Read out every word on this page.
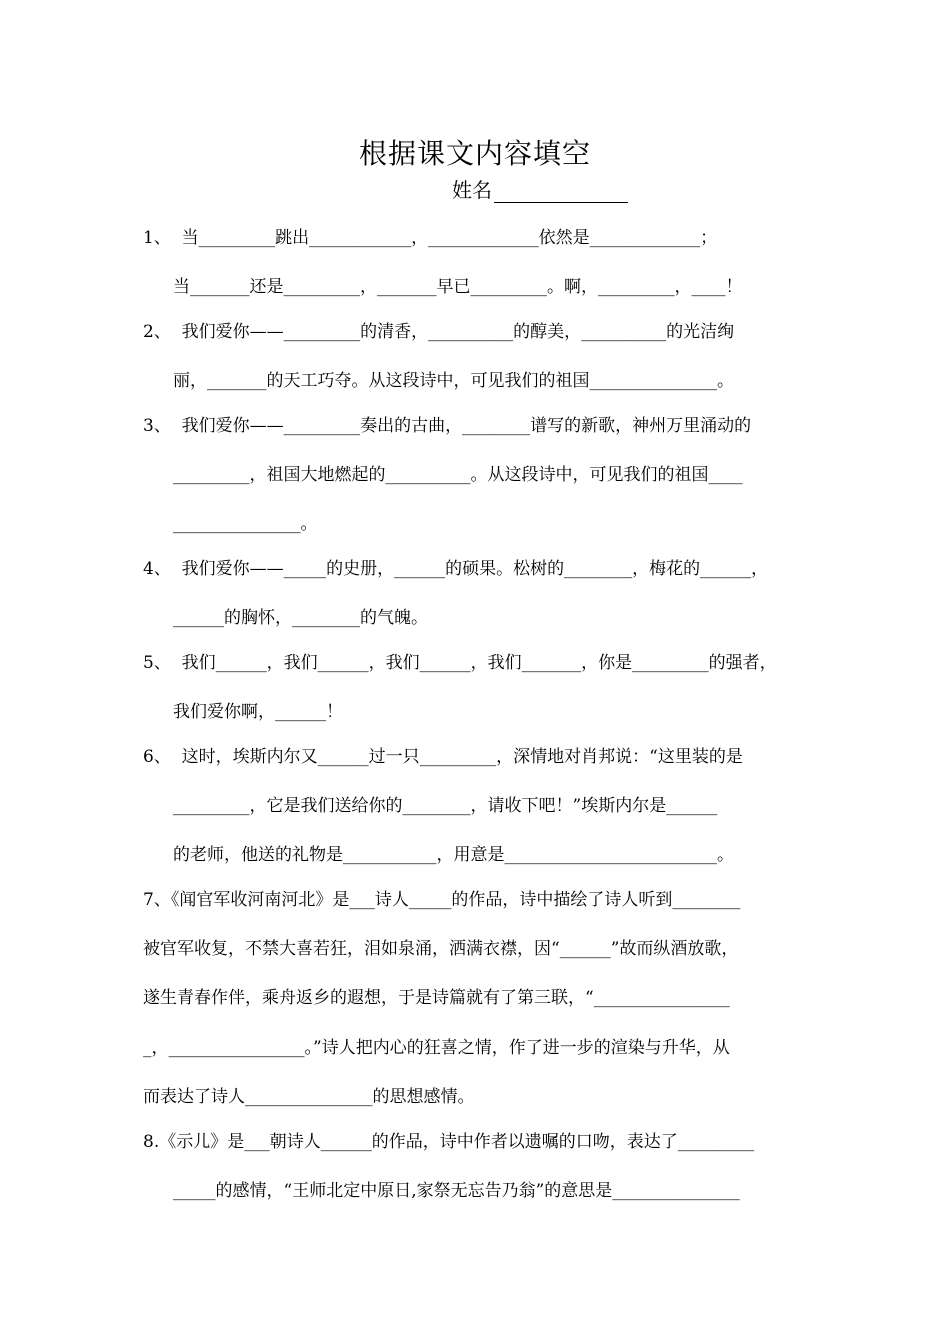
根据课文内容填空
姓名
1、  当_________跳出____________，_____________依然是_____________；
当_______还是_________，_______早已_________。啊，_________，____！
2、  我们爱你——_________的清香，__________的醇美，__________的光洁绚
丽，_______的天工巧夺。从这段诗中，可见我们的祖国_______________。
3、  我们爱你——_________奏出的古曲，________谱写的新歌，神州万里涌动的
_________，祖国大地燃起的__________。从这段诗中，可见我们的祖国____
_______________。
4、  我们爱你——_____的史册，______的硕果。松树的________，梅花的______，
______的胸怀，________的气魄。
5、  我们______，我们______，我们______，我们_______，你是_________的强者，
我们爱你啊，______！
6、  这时，埃斯内尔又______过一只_________，深情地对肖邦说：“这里装的是
_________，它是我们送给你的________，请收下吧！”埃斯内尔是______
的老师，他送的礼物是___________，用意是_________________________。
7、《闻官军收河南河北》是___诗人_____的作品，诗中描绘了诗人听到________
被官军收复，不禁大喜若狂，泪如泉涌，洒满衣襟，因“______”故而纵酒放歌，
遂生青春作伴，乘舟返乡的遐想，于是诗篇就有了第三联，“________________
_，________________。”诗人把内心的狂喜之情，作了进一步的渲染与升华，从
而表达了诗人_______________的思想感情。
8.《示儿》是___朝诗人______的作品，诗中作者以遗嘱的口吻，表达了_________
_____的感情，“王师北定中原日,家祭无忘告乃翁”的意思是_______________
